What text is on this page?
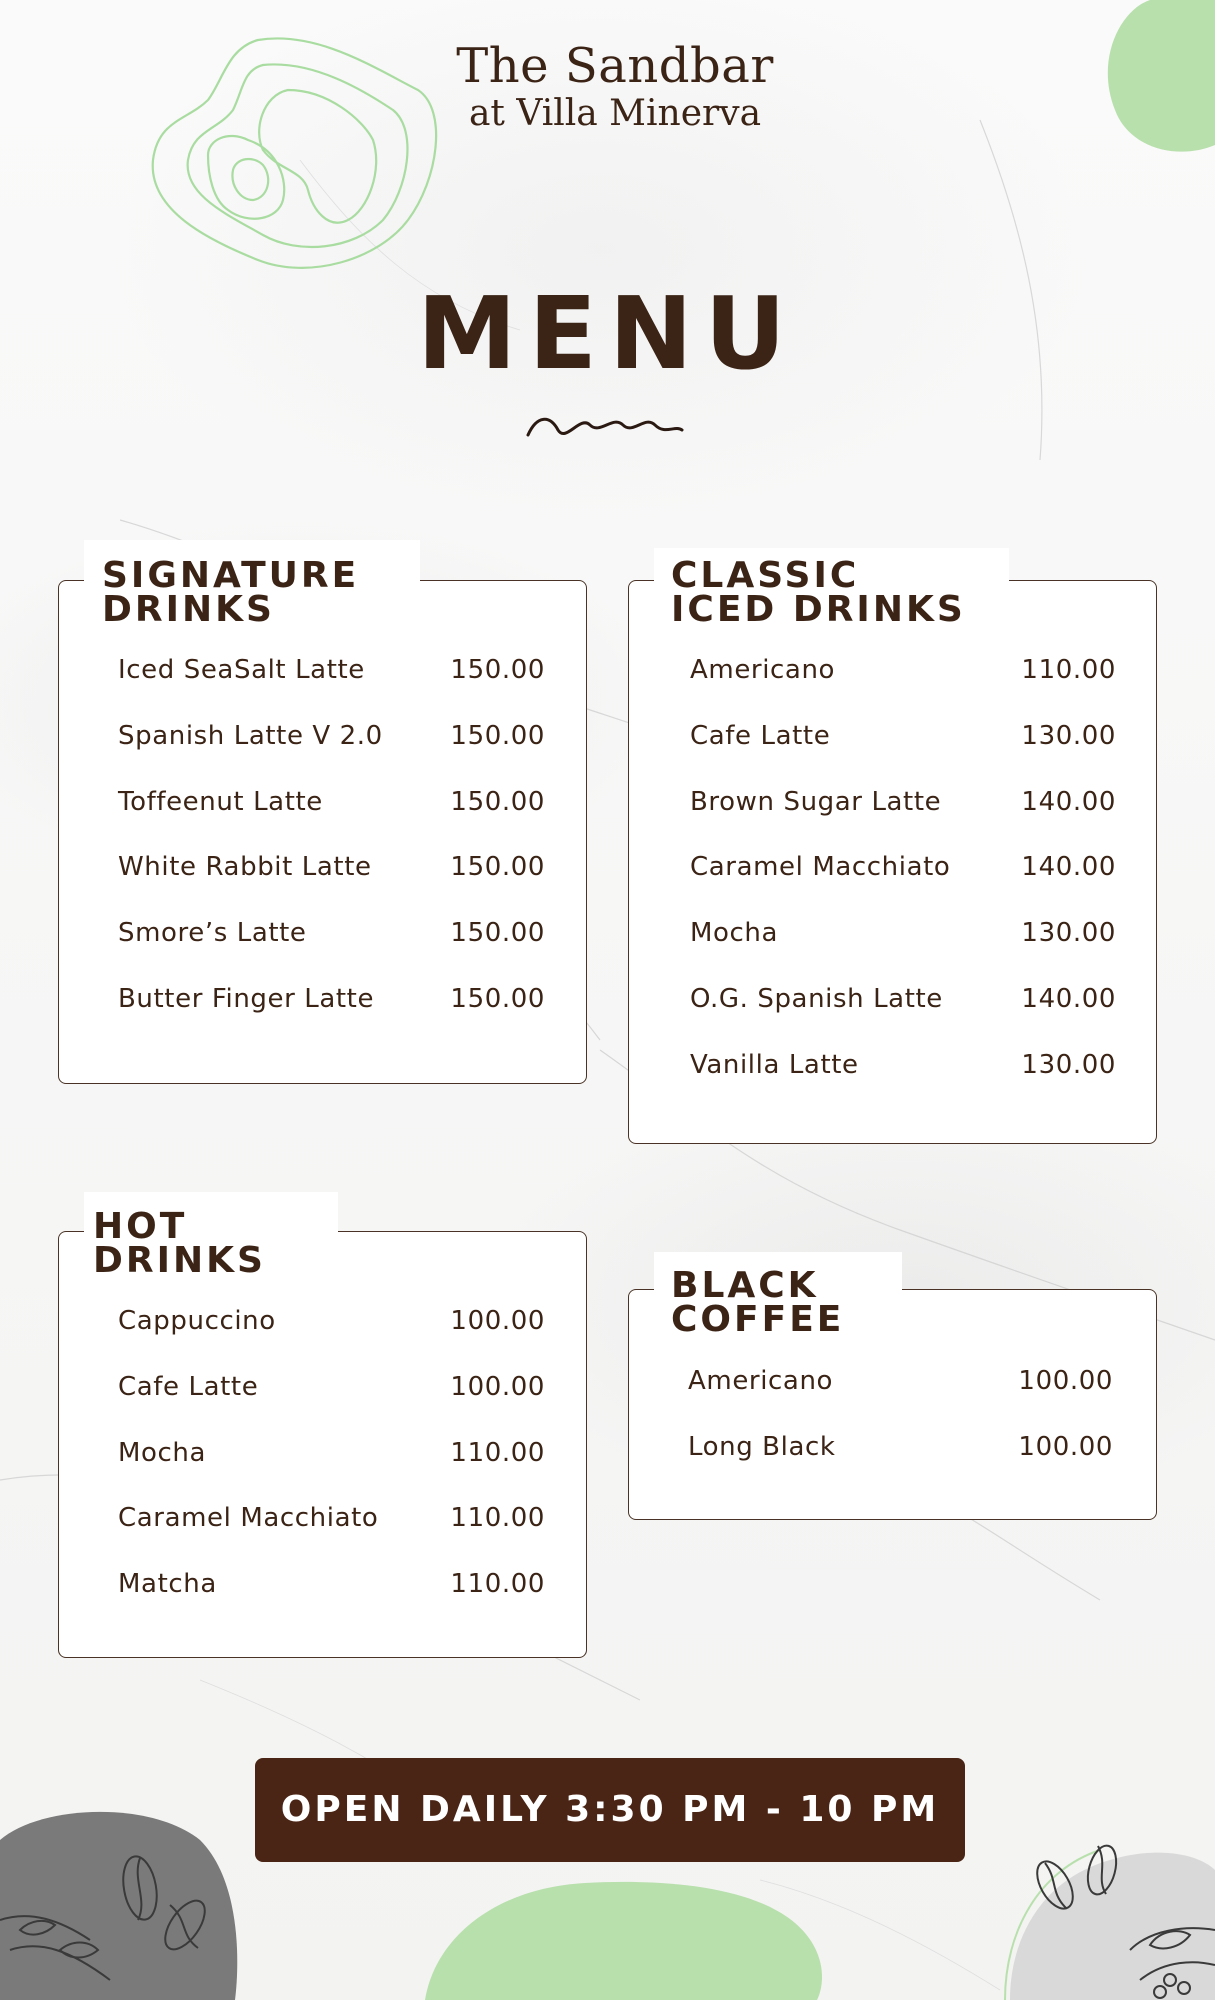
The Sandbar
at Villa Minerva
MENU
SIGNATURE
DRINKS
Iced SeaSalt Latte	150.00
Spanish Latte V 2.0	150.00
Toffeenut Latte	150.00
White Rabbit Latte	150.00
Smore’s Latte	150.00
Butter Finger Latte	150.00
CLASSIC
ICED DRINKS
Americano	110.00
Cafe Latte	130.00
Brown Sugar Latte	140.00
Caramel Macchiato	140.00
Mocha	130.00
O.G. Spanish Latte	140.00
Vanilla Latte	130.00
HOT
DRINKS
Cappuccino	100.00
Cafe Latte	100.00
Mocha	110.00
Caramel Macchiato	110.00
Matcha	110.00
BLACK
COFFEE
Americano	100.00
Long Black	100.00
OPEN DAILY 3:30 PM - 10 PM
